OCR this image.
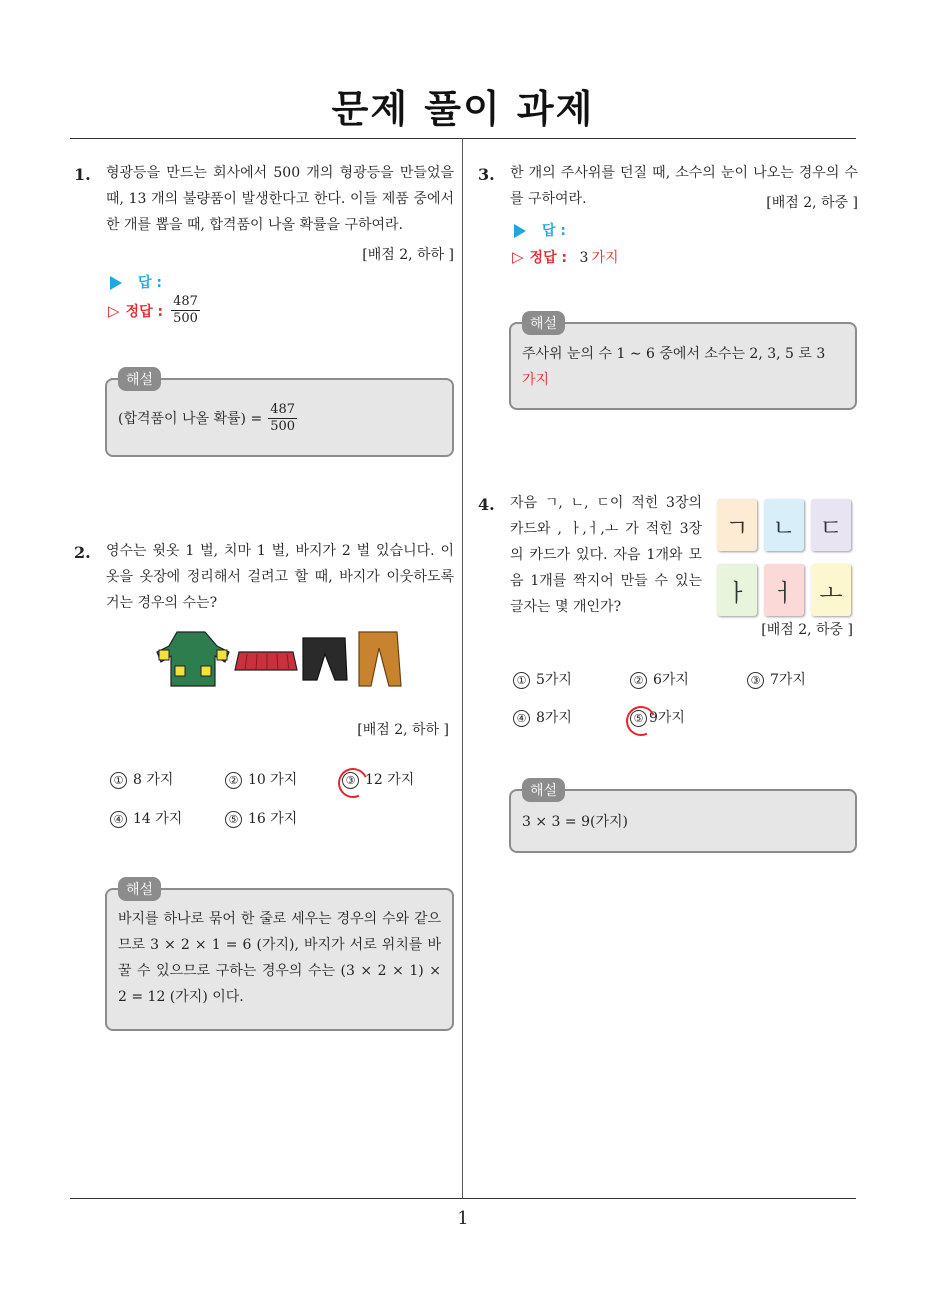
문제 풀이 과제
1. 형광등을 만드는 회사에서 500 개의 형광등을 만들었을 때, 13 개의 불량품이 발생한다고 한다. 이들 제품 중에서 한 개를 뽑을 때, 합격품이 나올 확률을 구하여라.
[배점 2, 하하 ]
답 :
▷ 정답 : $\frac{487}{500}$
해설
(합격품이 나올 확률) = $\frac{487}{500}$
2. 영수는 윗옷 1 벌, 치마 1 벌, 바지가 2 벌 있습니다. 이 옷을 옷장에 정리해서 걸려고 할 때, 바지가 이웃하도록 거는 경우의 수는?
[배점 2, 하하 ]
① 8 가지	② 10 가지	③ 12 가지
④ 14 가지	⑤ 16 가지
해설
바지를 하나로 묶어 한 줄로 세우는 경우의 수와 같으므로 3 × 2 × 1 = 6 (가지), 바지가 서로 위치를 바꿀 수 있으므로 구하는 경우의 수는 (3 × 2 × 1) × 2 = 12 (가지) 이다.
3. 한 개의 주사위를 던질 때, 소수의 눈이 나오는 경우의 수를 구하여라.	[배점 2, 하중 ]
답 :
▷ 정답 : 3 가지
해설
주사위 눈의 수 1 ∼ 6 중에서 소수는 2, 3, 5 로 3
가지
4. 자음 ㄱ, ㄴ, ㄷ이 적힌 3장의 카드와 , ㅏ,ㅓ,ㅗ 가 적힌 3장의 카드가 있다. 자음 1개와 모음 1개를 짝지어 만들 수 있는 글자는 몇 개인가?
ㄱ ㄴ ㄷ
ㅏ ㅓ ㅗ
[배점 2, 하중 ]
① 5가지	② 6가지	③ 7가지
④ 8가지	⑤ 9가지
해설
3 × 3 = 9(가지)
1
